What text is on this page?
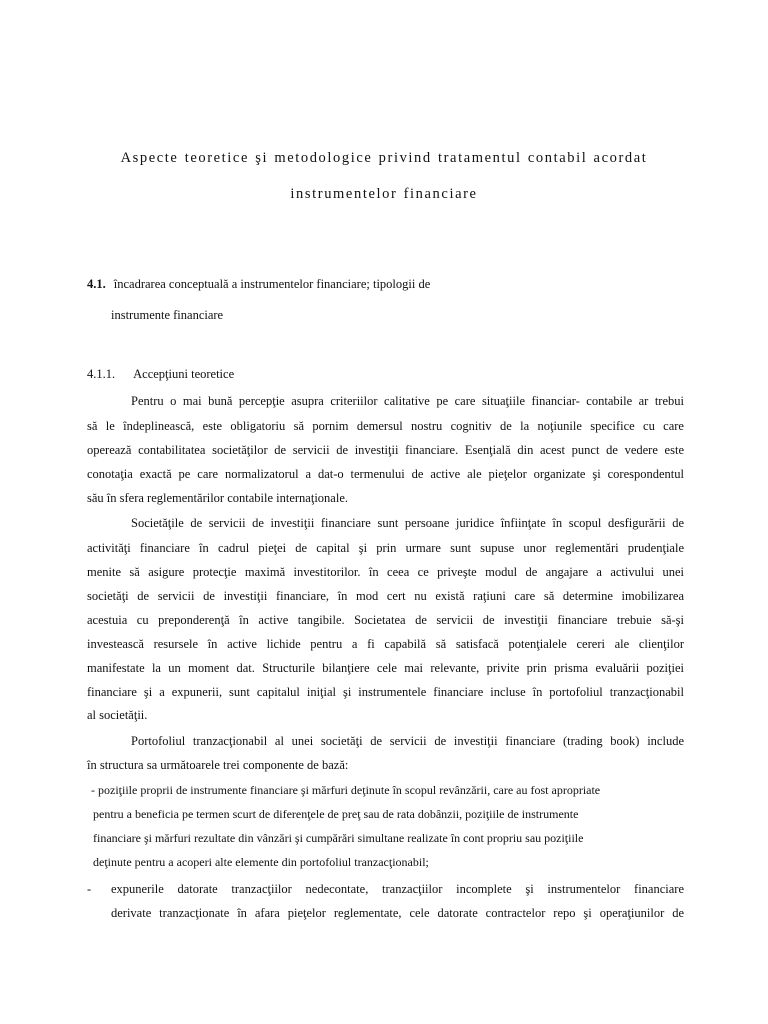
Aspecte teoretice şi metodologice privind tratamentul contabil acordat
instrumentelor financiare
4.1. încadrarea conceptuală a instrumentelor financiare; tipologii de
instrumente financiare
4.1.1. Accepţiuni teoretice
Pentru o mai bună percepţie asupra criteriilor calitative pe care situaţiile financiar- contabile ar trebui
să le îndeplinească, este obligatoriu să pornim demersul nostru cognitiv de la noţiunile specifice cu care
operează contabilitatea societăţilor de servicii de investiţii financiare. Esenţială din acest punct de vedere este
conotaţia exactă pe care normalizatorul a dat-o termenului de active ale pieţelor organizate şi corespondentul
său în sfera reglementărilor contabile internaţionale.
Societăţile de servicii de investiţii financiare sunt persoane juridice înfiinţate în scopul desfigurării de
activităţi financiare în cadrul pieţei de capital şi prin urmare sunt supuse unor reglementări prudenţiale
menite să asigure protecţie maximă investitorilor. în ceea ce priveşte modul de angajare a activului unei
societăţi de servicii de investiţii financiare, în mod cert nu există raţiuni care să determine imobilizarea
acestuia cu preponderenţă în active tangibile. Societatea de servicii de investiţii financiare trebuie să-şi
investească resursele în active lichide pentru a fi capabilă să satisfacă potenţialele cereri ale clienţilor
manifestate la un moment dat. Structurile bilanţiere cele mai relevante, privite prin prisma evaluării poziţiei
financiare şi a expunerii, sunt capitalul iniţial şi instrumentele financiare incluse în portofoliul tranzacţionabil
al societăţii.
Portofoliul tranzacţionabil al unei societăţi de servicii de investiţii financiare (trading book) include
în structura sa următoarele trei componente de bază:
- poziţiile proprii de instrumente financiare şi mărfuri deţinute în scopul revânzării, care au fost apropriate
pentru a beneficia pe termen scurt de diferenţele de preţ sau de rata dobânzii, poziţiile de instrumente
financiare şi mărfuri rezultate din vânzări şi cumpărări simultane realizate în cont propriu sau poziţiile
deţinute pentru a acoperi alte elemente din portofoliul tranzacţionabil;
- expunerile datorate tranzacţiilor nedecontate, tranzacţiilor incomplete şi instrumentelor financiare
derivate tranzacţionate în afara pieţelor reglementate, cele datorate contractelor repo şi operaţiunilor de
